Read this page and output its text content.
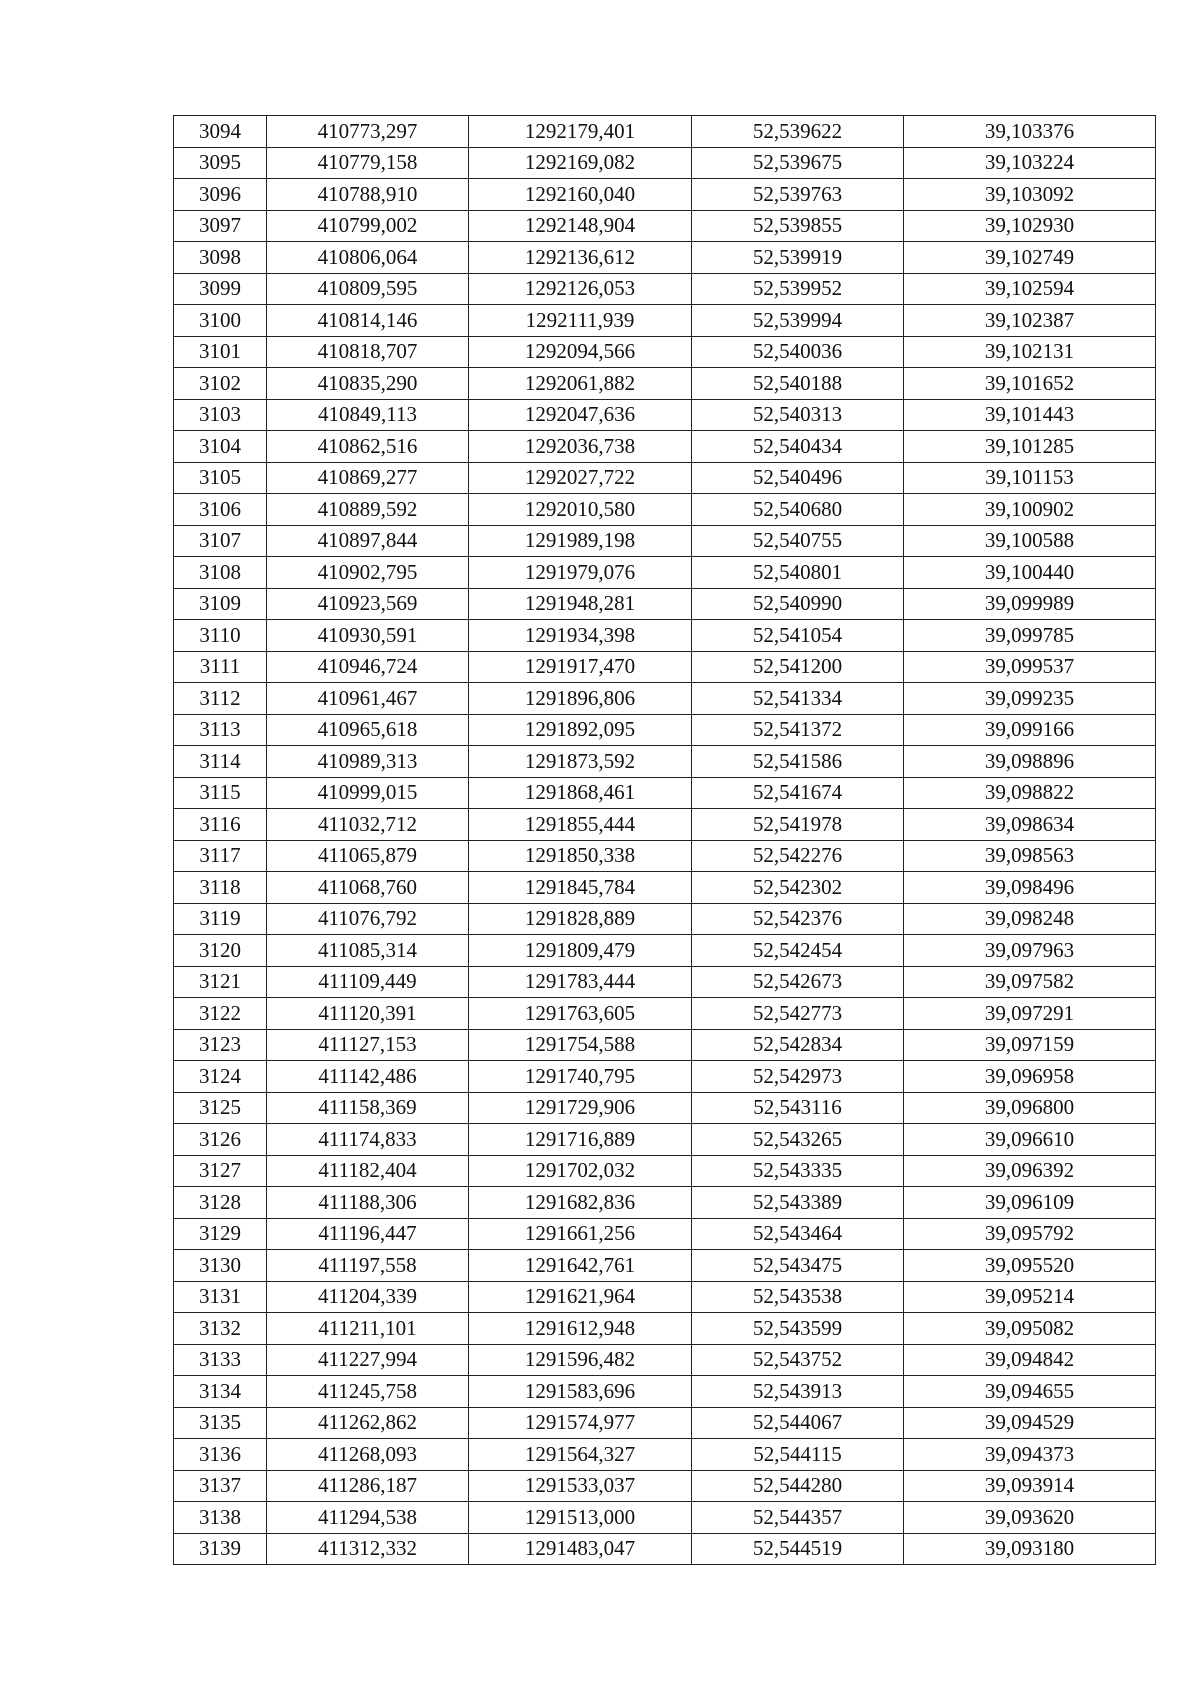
3094	410773,297	1292179,401	52,539622	39,103376
3095	410779,158	1292169,082	52,539675	39,103224
3096	410788,910	1292160,040	52,539763	39,103092
3097	410799,002	1292148,904	52,539855	39,102930
3098	410806,064	1292136,612	52,539919	39,102749
3099	410809,595	1292126,053	52,539952	39,102594
3100	410814,146	1292111,939	52,539994	39,102387
3101	410818,707	1292094,566	52,540036	39,102131
3102	410835,290	1292061,882	52,540188	39,101652
3103	410849,113	1292047,636	52,540313	39,101443
3104	410862,516	1292036,738	52,540434	39,101285
3105	410869,277	1292027,722	52,540496	39,101153
3106	410889,592	1292010,580	52,540680	39,100902
3107	410897,844	1291989,198	52,540755	39,100588
3108	410902,795	1291979,076	52,540801	39,100440
3109	410923,569	1291948,281	52,540990	39,099989
3110	410930,591	1291934,398	52,541054	39,099785
3111	410946,724	1291917,470	52,541200	39,099537
3112	410961,467	1291896,806	52,541334	39,099235
3113	410965,618	1291892,095	52,541372	39,099166
3114	410989,313	1291873,592	52,541586	39,098896
3115	410999,015	1291868,461	52,541674	39,098822
3116	411032,712	1291855,444	52,541978	39,098634
3117	411065,879	1291850,338	52,542276	39,098563
3118	411068,760	1291845,784	52,542302	39,098496
3119	411076,792	1291828,889	52,542376	39,098248
3120	411085,314	1291809,479	52,542454	39,097963
3121	411109,449	1291783,444	52,542673	39,097582
3122	411120,391	1291763,605	52,542773	39,097291
3123	411127,153	1291754,588	52,542834	39,097159
3124	411142,486	1291740,795	52,542973	39,096958
3125	411158,369	1291729,906	52,543116	39,096800
3126	411174,833	1291716,889	52,543265	39,096610
3127	411182,404	1291702,032	52,543335	39,096392
3128	411188,306	1291682,836	52,543389	39,096109
3129	411196,447	1291661,256	52,543464	39,095792
3130	411197,558	1291642,761	52,543475	39,095520
3131	411204,339	1291621,964	52,543538	39,095214
3132	411211,101	1291612,948	52,543599	39,095082
3133	411227,994	1291596,482	52,543752	39,094842
3134	411245,758	1291583,696	52,543913	39,094655
3135	411262,862	1291574,977	52,544067	39,094529
3136	411268,093	1291564,327	52,544115	39,094373
3137	411286,187	1291533,037	52,544280	39,093914
3138	411294,538	1291513,000	52,544357	39,093620
3139	411312,332	1291483,047	52,544519	39,093180
